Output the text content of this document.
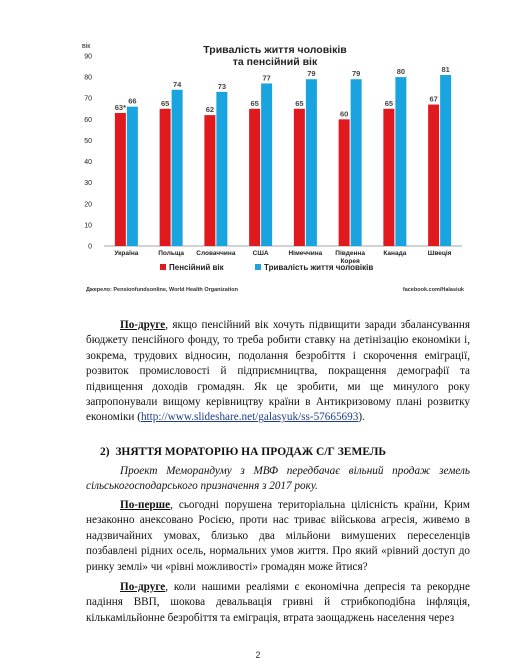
Тривалість життя чоловіків
та пенсійний вік
вік
0
10
20
30
40
50
60
70
80
90
63*
66
Україна
65
74
Польща
62
73
Словаччина
65
77
США
65
79
Німеччина
60
79
Південна
Корея
65
80
Канада
67
81
Швеція
Пенсійний вік	Тривалість життя чоловіків
Джерело: Pensionfundsonline, World Health Organization	facebook.com/Halasiuk

По-друге, якщо пенсійний вік хочуть підвищити заради збалансування бюджету пенсійного фонду, то треба робити ставку на детінізацію економіки і, зокрема, трудових відносин, подолання безробіття і скорочення еміграції, розвиток промисловості й підприємництва, покращення демографії та підвищення доходів громадян. Як це зробити, ми ще минулого року запропонували вищому керівництву країни в Антикризовому плані розвитку економіки (http://www.slideshare.net/galasyuk/ss-57665693).

2) ЗНЯТТЯ МОРАТОРІЮ НА ПРОДАЖ С/Г ЗЕМЕЛЬ

Проект Меморандуму з МВФ передбачає вільний продаж земель сільськогосподарського призначення з 2017 року.

По-перше, сьогодні порушена територіальна цілісність країни, Крим незаконно анексовано Росією, проти нас триває військова агресія, живемо в надзвичайних умовах, близько два мільйони вимушених переселенців позбавлені рідних осель, нормальних умов життя. Про який «рівний доступ до ринку землі» чи «рівні можливості» громадян може йтися?

По-друге, коли нашими реаліями є економічна депресія та рекордне падіння ВВП, шокова девальвація гривні й стрибкоподібна інфляція, кількамільйонне безробіття та еміграція, втрата заощаджень населення через

2
